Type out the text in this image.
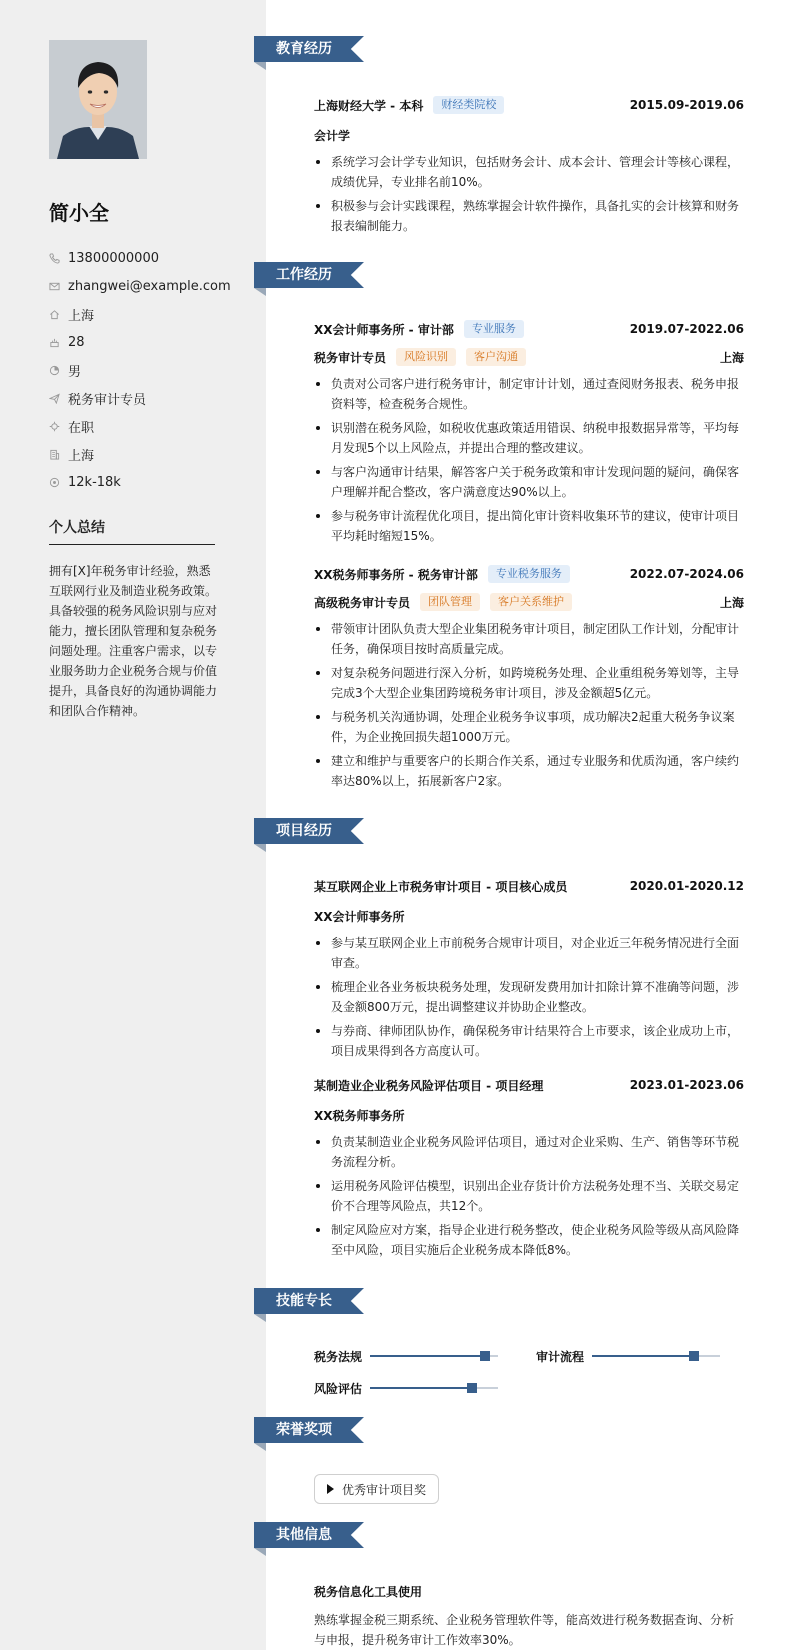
简小全
13800000000
zhangwei@example.com
上海
28
男
税务审计专员
在职
上海
12k-18k
个人总结
拥有[X]年税务审计经验，熟悉互联网行业及制造业税务政策。具备较强的税务风险识别与应对能力，擅长团队管理和复杂税务问题处理。注重客户需求，以专业服务助力企业税务合规与价值提升，具备良好的沟通协调能力和团队合作精神。
教育经历
上海财经大学 - 本科	财经类院校	2015.09-2019.06
会计学
系统学习会计学专业知识，包括财务会计、成本会计、管理会计等核心课程，成绩优异，专业排名前10%。
积极参与会计实践课程，熟练掌握会计软件操作，具备扎实的会计核算和财务报表编制能力。
工作经历
XX会计师事务所 - 审计部	专业服务	2019.07-2022.06
税务审计专员	风险识别	客户沟通	上海
负责对公司客户进行税务审计，制定审计计划，通过查阅财务报表、税务申报资料等，检查税务合规性。
识别潜在税务风险，如税收优惠政策适用错误、纳税申报数据异常等，平均每月发现5个以上风险点，并提出合理的整改建议。
与客户沟通审计结果，解答客户关于税务政策和审计发现问题的疑问，确保客户理解并配合整改，客户满意度达90%以上。
参与税务审计流程优化项目，提出简化审计资料收集环节的建议，使审计项目平均耗时缩短15%。
XX税务师事务所 - 税务审计部	专业税务服务	2022.07-2024.06
高级税务审计专员	团队管理	客户关系维护	上海
带领审计团队负责大型企业集团税务审计项目，制定团队工作计划，分配审计任务，确保项目按时高质量完成。
对复杂税务问题进行深入分析，如跨境税务处理、企业重组税务筹划等，主导完成3个大型企业集团跨境税务审计项目，涉及金额超5亿元。
与税务机关沟通协调，处理企业税务争议事项，成功解决2起重大税务争议案件，为企业挽回损失超1000万元。
建立和维护与重要客户的长期合作关系，通过专业服务和优质沟通，客户续约率达80%以上，拓展新客户2家。
项目经历
某互联网企业上市税务审计项目 - 项目核心成员	2020.01-2020.12
XX会计师事务所
参与某互联网企业上市前税务合规审计项目，对企业近三年税务情况进行全面审查。
梳理企业各业务板块税务处理，发现研发费用加计扣除计算不准确等问题，涉及金额800万元，提出调整建议并协助企业整改。
与券商、律师团队协作，确保税务审计结果符合上市要求，该企业成功上市，项目成果得到各方高度认可。
某制造业企业税务风险评估项目 - 项目经理	2023.01-2023.06
XX税务师事务所
负责某制造业企业税务风险评估项目，通过对企业采购、生产、销售等环节税务流程分析。
运用税务风险评估模型，识别出企业存货计价方法税务处理不当、关联交易定价不合理等风险点，共12个。
制定风险应对方案，指导企业进行税务整改，使企业税务风险等级从高风险降至中风险，项目实施后企业税务成本降低8%。
技能专长
税务法规	审计流程
风险评估
荣誉奖项
优秀审计项目奖
其他信息
税务信息化工具使用
熟练掌握金税三期系统、企业税务管理软件等，能高效进行税务数据查询、分析与申报，提升税务审计工作效率30%。
